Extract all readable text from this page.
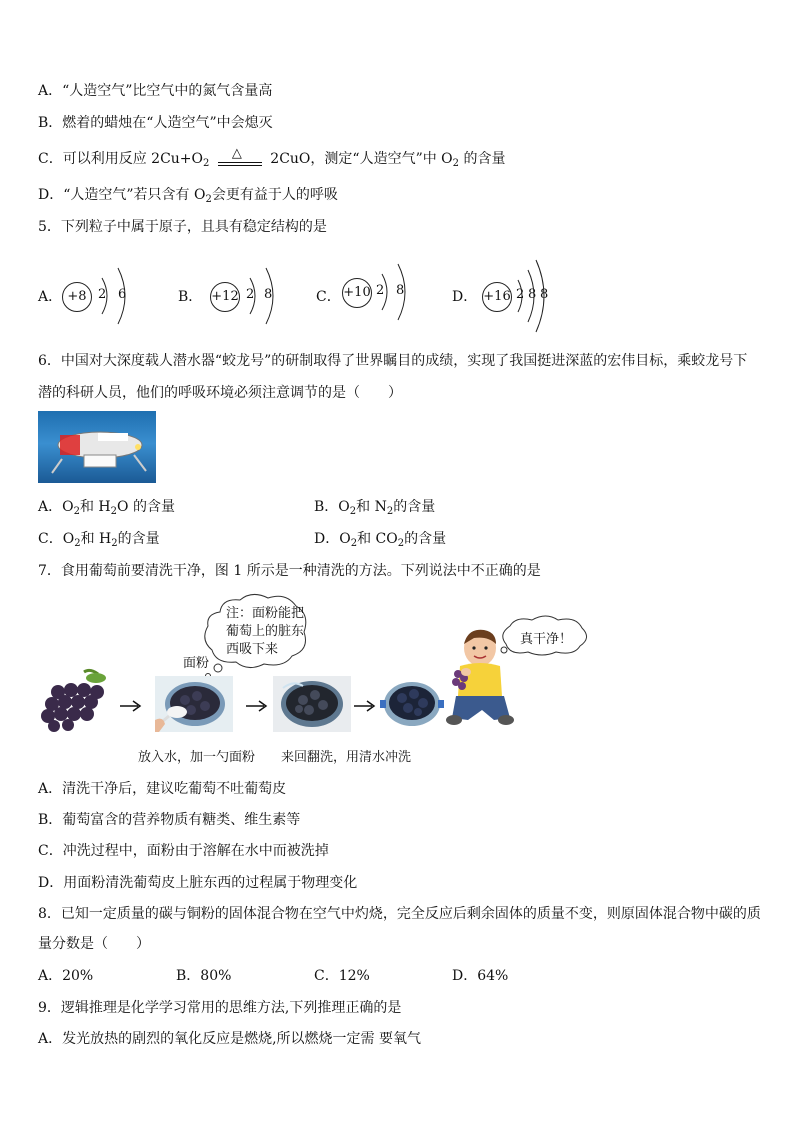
A．“人造空气”比空气中的氮气含量高
B．燃着的蜡烛在“人造空气”中会熄灭
C．可以利用反应 $2Cu+O_2$
△ 2CuO，测定“人造空气”中 $O_2$ 的含量
D．“人造空气”若只含有 $O_2$会更有益于人的呼吸
5．下列粒子中属于原子，且具有稳定结构的是
A． +8 2 6	B． +12 2 8	C． +10 2 8	D． +16 2 8 8
6．中国对大深度载人潜水器“蛟龙号”的研制取得了世界瞩目的成绩，实现了我国挺进深蓝的宏伟目标，乘蛟龙号下
潜的科研人员，他们的呼吸环境必须注意调节的是（　　）
A．$O_2$和 $H_2O$ 的含量	B．$O_2$和 $N_2$的含量
C．$O_2$和 $H_2$的含量	D．$O_2$和 $CO_2$的含量
7．食用葡萄前要清洗干净，图 1 所示是一种清洗的方法。下列说法中不正确的是
注：面粉能把
葡萄上的脏东
西吸下来
真干净！
面粉
放入水，加一勺面粉 来回翻洗，用清水冲洗
A．清洗干净后，建议吃葡萄不吐葡萄皮
B．葡萄富含的营养物质有糖类、维生素等
C．冲洗过程中，面粉由于溶解在水中而被洗掉
D．用面粉清洗葡萄皮上脏东西的过程属于物理变化
8．已知一定质量的碳与铜粉的固体混合物在空气中灼烧，完全反应后剩余固体的质量不变，则原固体混合物中碳的质
量分数是（　　）
A．20%	B．80%	C．12%	D．64%
9．逻辑推理是化学学习常用的思维方法,下列推理正确的是
A．发光放热的剧烈的氧化反应是燃烧,所以燃烧一定需 要氧气
